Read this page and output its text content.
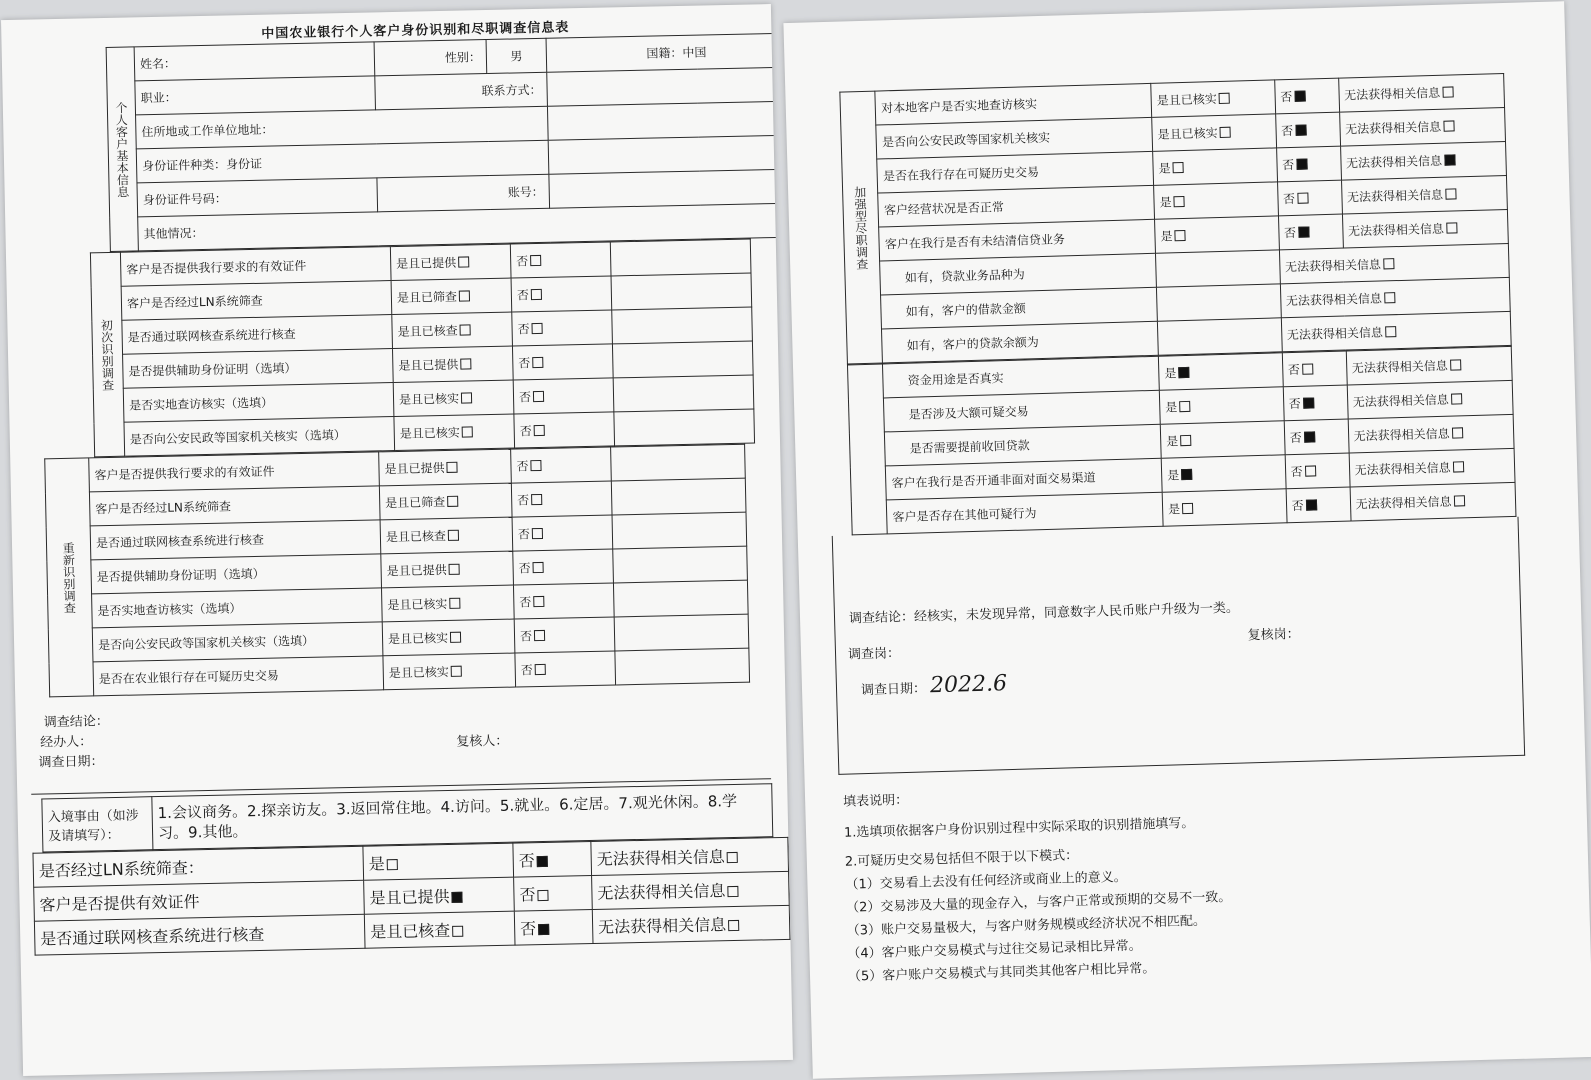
中国农业银行个人客户身份识别和尽职调查信息表
个人客户基本信息	姓名：	性别：	男	国籍：中国
	职业：	联系方式：		
	住所地或工作单位地址：			
	身份证件种类：身份证			
	身份证件号码：	账号：		
	其他情况：			
初次识别调查	客户是否提供我行要求的有效证件	是且已提供	否	
	客户是否经过LN系统筛查	是且已筛查	否	
	是否通过联网核查系统进行核查	是且已核查	否	
	是否提供辅助身份证明（选填）	是且已提供	否	
	是否实地查访核实（选填）	是且已核实	否	
	是否向公安民政等国家机关核实（选填）	是且已核实	否	
重新识别调查	客户是否提供我行要求的有效证件	是且已提供	否	
	客户是否经过LN系统筛查	是且已筛查	否	
	是否通过联网核查系统进行核查	是且已核查	否	
	是否提供辅助身份证明（选填）	是且已提供	否	
	是否实地查访核实（选填）	是且已核实	否	
	是否向公安民政等国家机关核实（选填）	是且已核实	否	
	是否在农业银行存在可疑历史交易	是且已核实	否	
调查结论：
经办人：
调查日期：
复核人：
入境事由（如涉及请填写）：	1.会议商务。2.探亲访友。3.返回常住地。4.访问。5.就业。6.定居。7.观光休闲。8.学习。9.其他。
是否经过LN系统筛查：	是	否	无法获得相关信息
客户是否提供有效证件	是且已提供	否	无法获得相关信息
是否通过联网核查系统进行核查	是且已核查	否	无法获得相关信息
加强型尽职调查	对本地客户是否实地查访核实	是且已核实	否	无法获得相关信息
	是否向公安民政等国家机关核实	是且已核实	否	无法获得相关信息
	是否在我行存在可疑历史交易	是	否	无法获得相关信息
	客户经营状况是否正常	是	否	无法获得相关信息
	客户在我行是否有未结清信贷业务	是	否	无法获得相关信息
	如有，贷款业务品种为		无法获得相关信息	
	如有，客户的借款金额		无法获得相关信息	
	如有，客户的贷款余额为		无法获得相关信息	
	资金用途是否真实	是	否	无法获得相关信息
	是否涉及大额可疑交易	是	否	无法获得相关信息
	是否需要提前收回贷款	是	否	无法获得相关信息
	客户在我行是否开通非面对面交易渠道	是	否	无法获得相关信息
	客户是否存在其他可疑行为	是	否	无法获得相关信息
调查结论：经核实，未发现异常，同意数字人民币账户升级为一类。
调查岗：
复核岗：
调查日期： 2022.6
填表说明：
1.选填项依据客户身份识别过程中实际采取的识别措施填写。
2.可疑历史交易包括但不限于以下模式：
（1）交易看上去没有任何经济或商业上的意义。
（2）交易涉及大量的现金存入，与客户正常或预期的交易不一致。
（3）账户交易量极大，与客户财务规模或经济状况不相匹配。
（4）客户账户交易模式与过往交易记录相比异常。
（5）客户账户交易模式与其同类其他客户相比异常。
